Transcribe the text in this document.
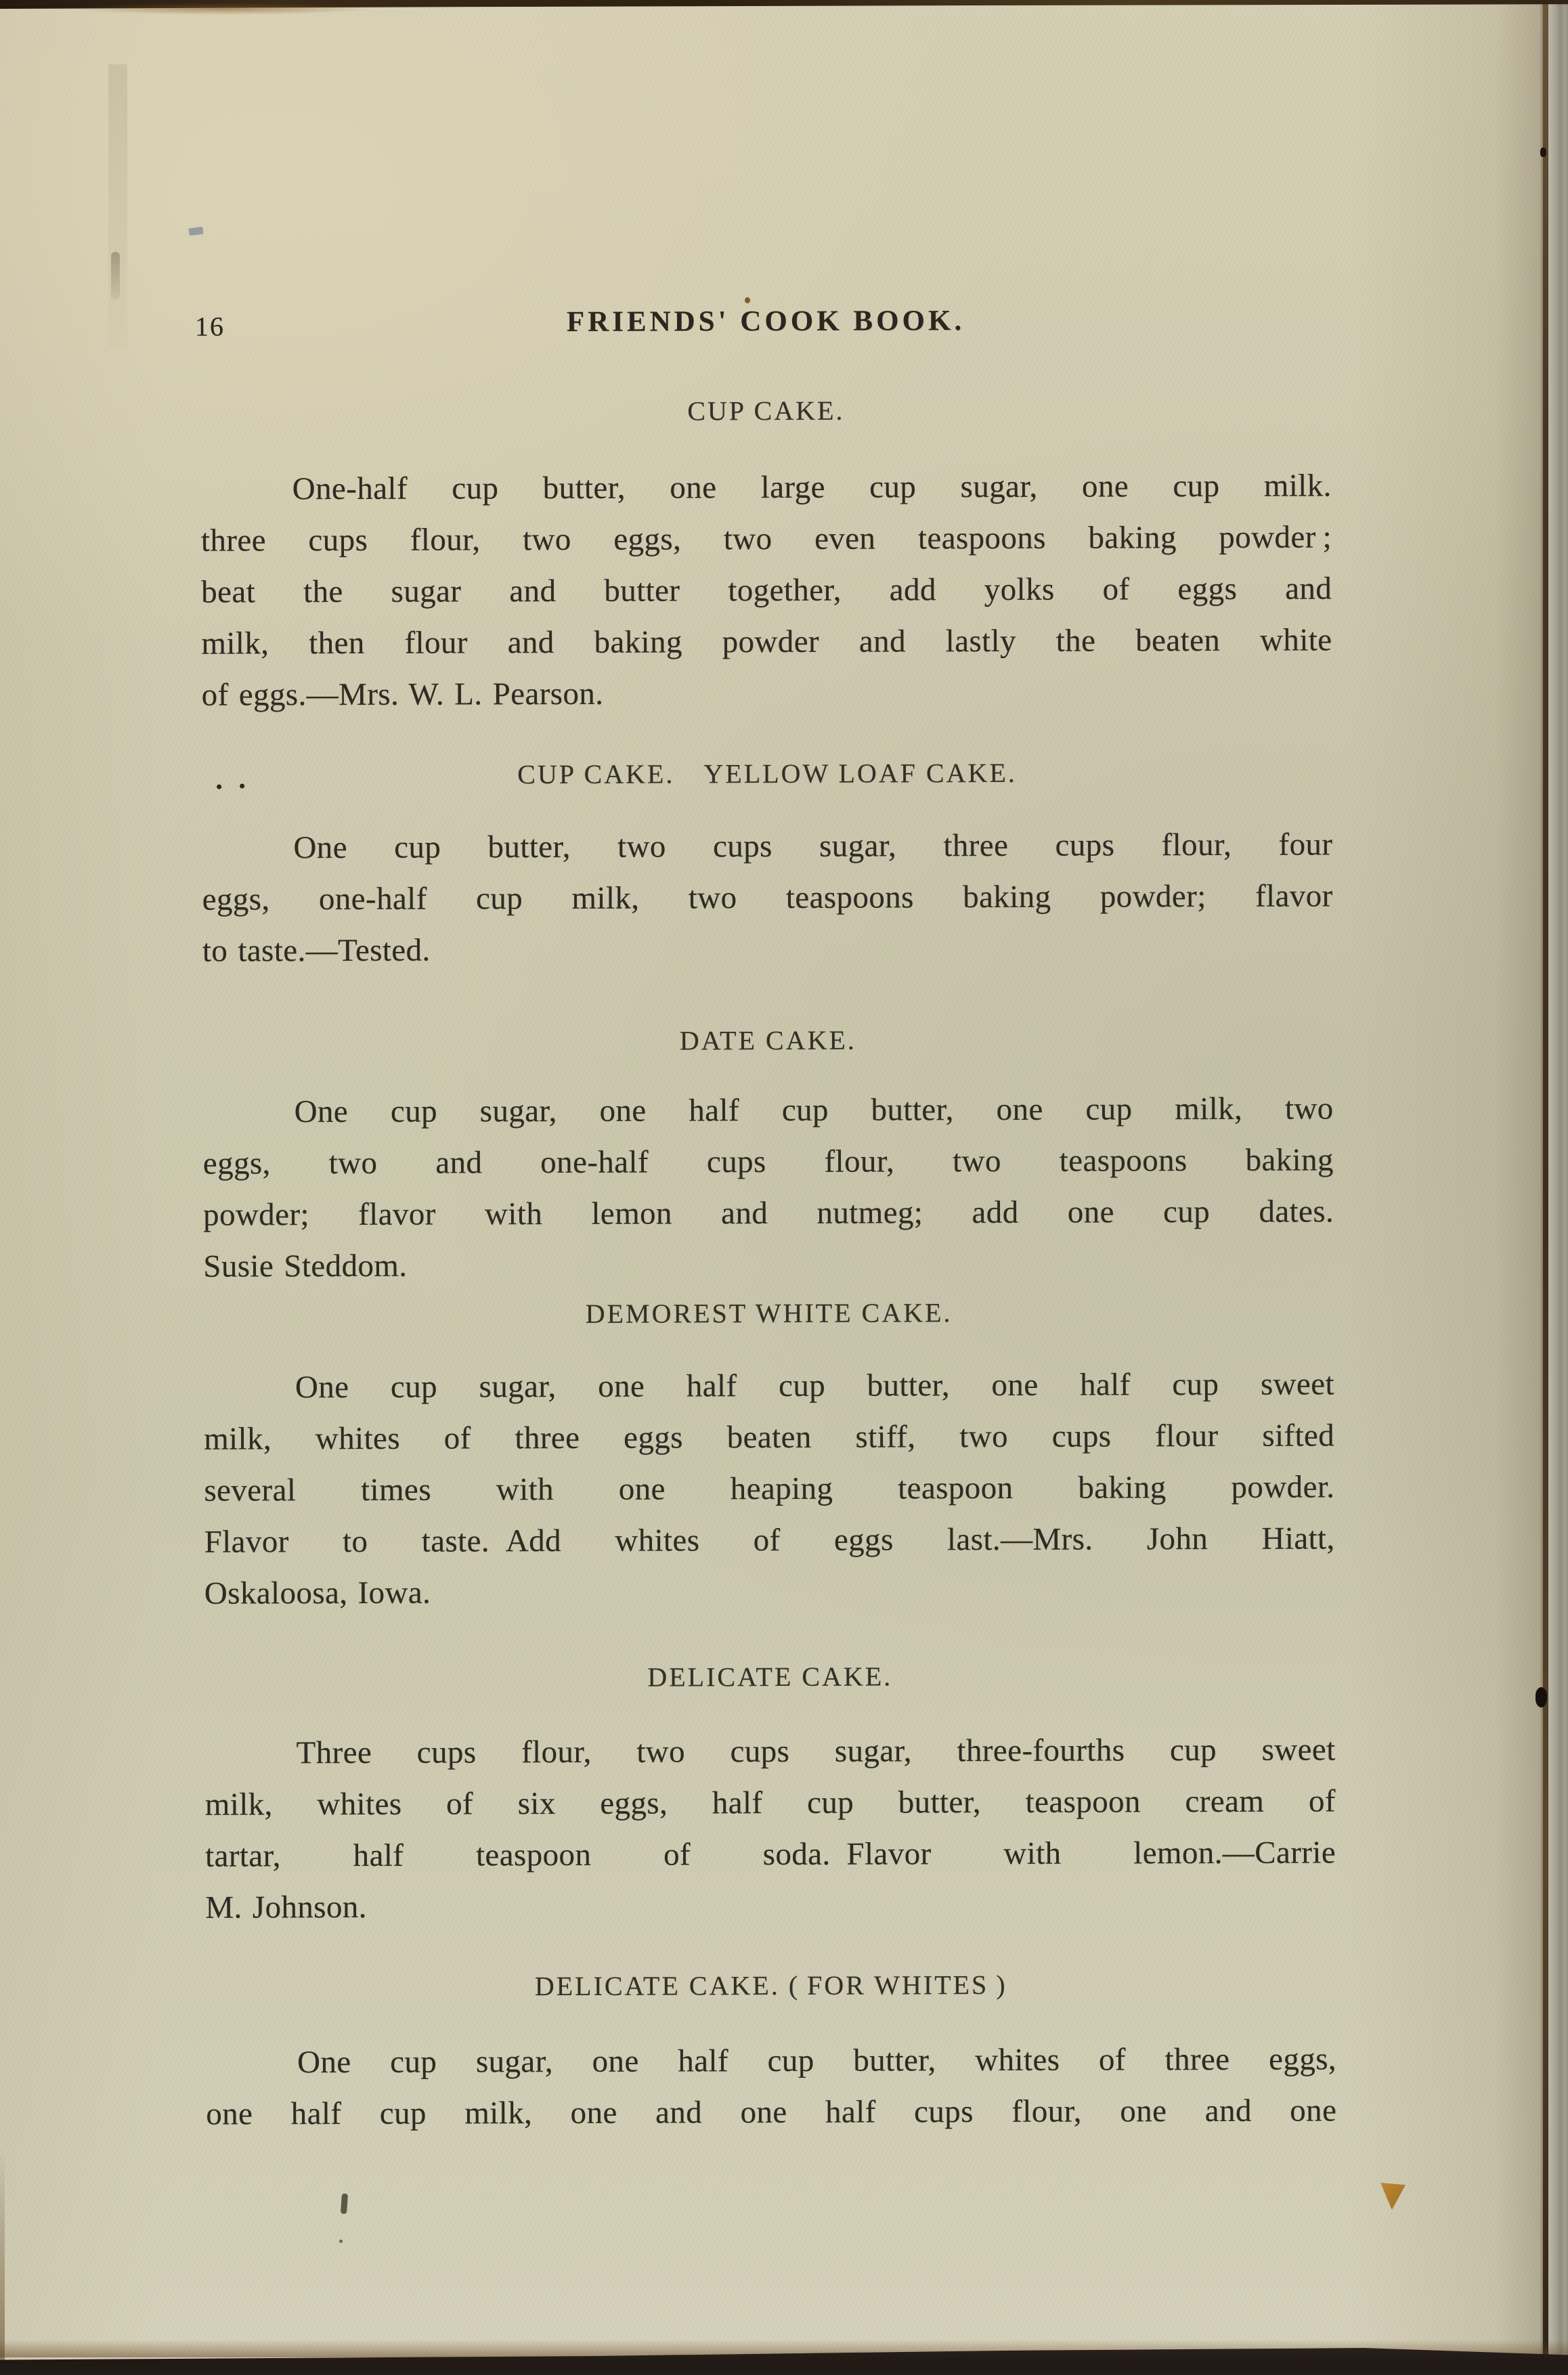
16	FRIENDS' COOK BOOK.
CUP CAKE.
One-half cup butter, one large cup sugar, one cup milk.
three cups flour, two eggs, two even teaspoons baking powder ;
beat the sugar and butter together, add yolks of eggs and
milk, then flour and baking powder and lastly the beaten white
of eggs.—Mrs. W. L. Pearson.
CUP CAKE. YELLOW LOAF CAKE.
One cup butter, two cups sugar, three cups flour, four
eggs, one-half cup milk, two teaspoons baking powder; flavor
to taste.—Tested.
DATE CAKE.
One cup sugar, one half cup butter, one cup milk, two
eggs, two and one-half cups flour, two teaspoons baking
powder; flavor with lemon and nutmeg; add one cup dates.
Susie Steddom.
DEMOREST WHITE CAKE.
One cup sugar, one half cup butter, one half cup sweet
milk, whites of three eggs beaten stiff, two cups flour sifted
several times with one heaping teaspoon baking powder.
Flavor to taste. Add whites of eggs last.—Mrs. John Hiatt,
Oskaloosa, Iowa.
DELICATE CAKE.
Three cups flour, two cups sugar, three-fourths cup sweet
milk, whites of six eggs, half cup butter, teaspoon cream of
tartar, half teaspoon of soda. Flavor with lemon.—Carrie
M. Johnson.
DELICATE CAKE. ( FOR WHITES )
One cup sugar, one half cup butter, whites of three eggs,
one half cup milk, one and one half cups flour, one and one
